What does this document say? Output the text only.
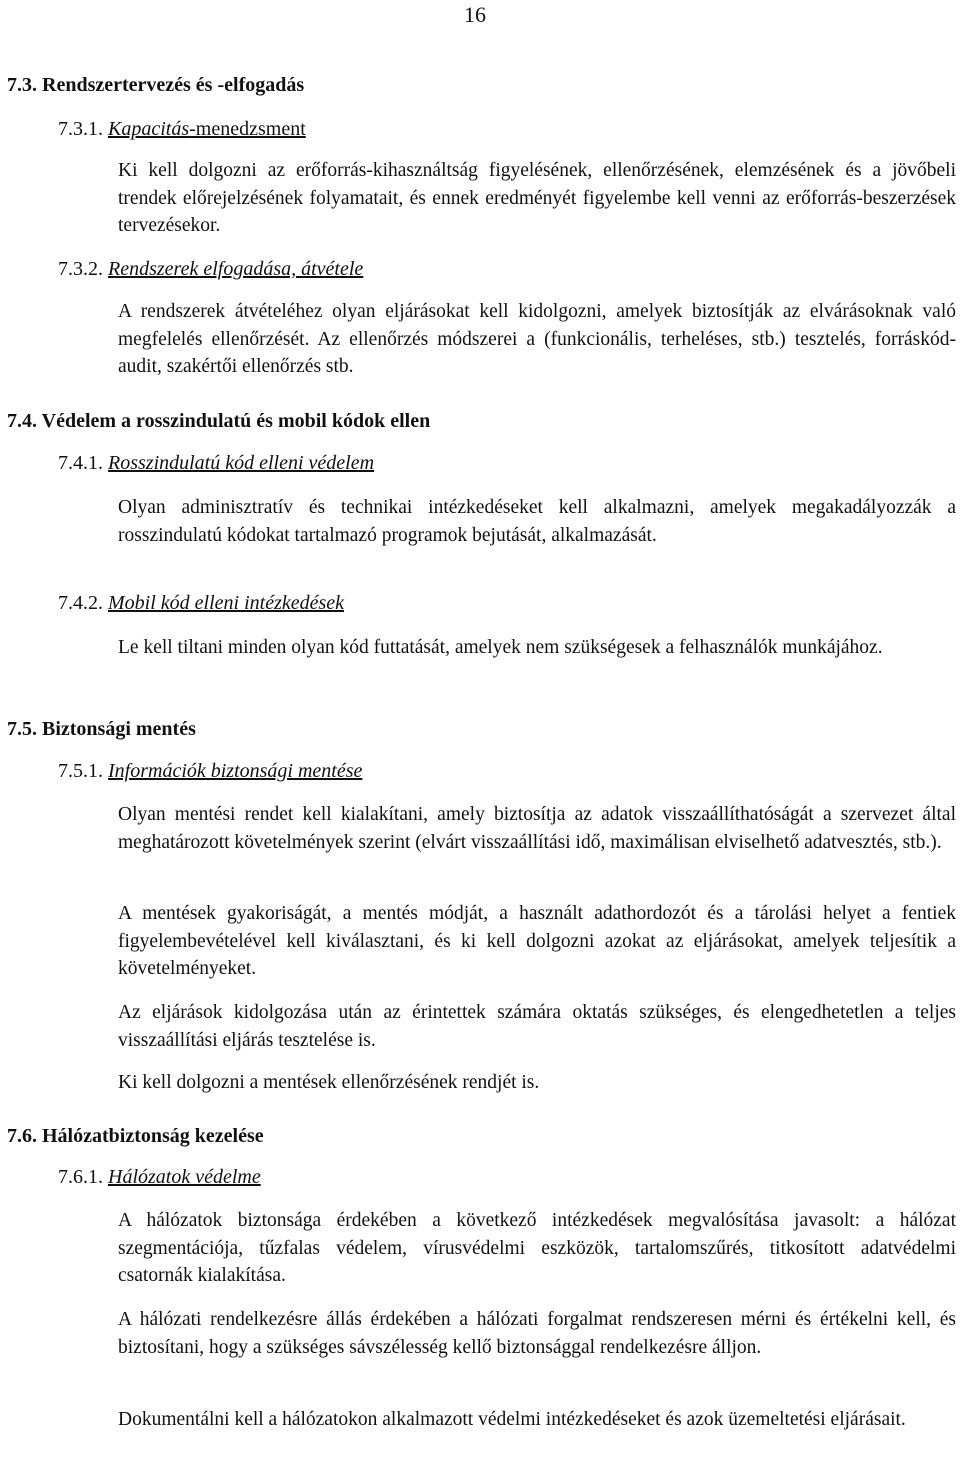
16
7.3. Rendszertervezés és -elfogadás
7.3.1. Kapacitás-menedzsment
Ki kell dolgozni az erőforrás-kihasználtság figyelésének, ellenőrzésének, elemzésének és a jövőbeli trendek előrejelzésének folyamatait, és ennek eredményét figyelembe kell venni az erőforrás-beszerzések tervezésekor.
7.3.2. Rendszerek elfogadása, átvétele
A rendszerek átvételéhez olyan eljárásokat kell kidolgozni, amelyek biztosítják az elvárásoknak való megfelelés ellenőrzését. Az ellenőrzés módszerei a (funkcionális, terheléses, stb.) tesztelés, forráskód-audit, szakértői ellenőrzés stb.
7.4. Védelem a rosszindulatú és mobil kódok ellen
7.4.1. Rosszindulatú kód elleni védelem
Olyan adminisztratív és technikai intézkedéseket kell alkalmazni, amelyek megakadályozzák a rosszindulatú kódokat tartalmazó programok bejutását, alkalmazását.
7.4.2. Mobil kód elleni intézkedések
Le kell tiltani minden olyan kód futtatását, amelyek nem szükségesek a felhasználók munkájához.
7.5. Biztonsági mentés
7.5.1. Információk biztonsági mentése
Olyan mentési rendet kell kialakítani, amely biztosítja az adatok visszaállíthatóságát a szervezet által meghatározott követelmények szerint (elvárt visszaállítási idő, maximálisan elviselhető adatvesztés, stb.).
A mentések gyakoriságát, a mentés módját, a használt adathordozót és a tárolási helyet a fentiek figyelembevételével kell kiválasztani, és ki kell dolgozni azokat az eljárásokat, amelyek teljesítik a követelményeket.
Az eljárások kidolgozása után az érintettek számára oktatás szükséges, és elengedhetetlen a teljes visszaállítási eljárás tesztelése is.
Ki kell dolgozni a mentések ellenőrzésének rendjét is.
7.6. Hálózatbiztonság kezelése
7.6.1. Hálózatok védelme
A hálózatok biztonsága érdekében a következő intézkedések megvalósítása javasolt: a hálózat szegmentációja, tűzfalas védelem, vírusvédelmi eszközök, tartalomszűrés, titkosított adatvédelmi csatornák kialakítása.
A hálózati rendelkezésre állás érdekében a hálózati forgalmat rendszeresen mérni és értékelni kell, és biztosítani, hogy a szükséges sávszélesség kellő biztonsággal rendelkezésre álljon.
Dokumentálni kell a hálózatokon alkalmazott védelmi intézkedéseket és azok üzemeltetési eljárásait.
